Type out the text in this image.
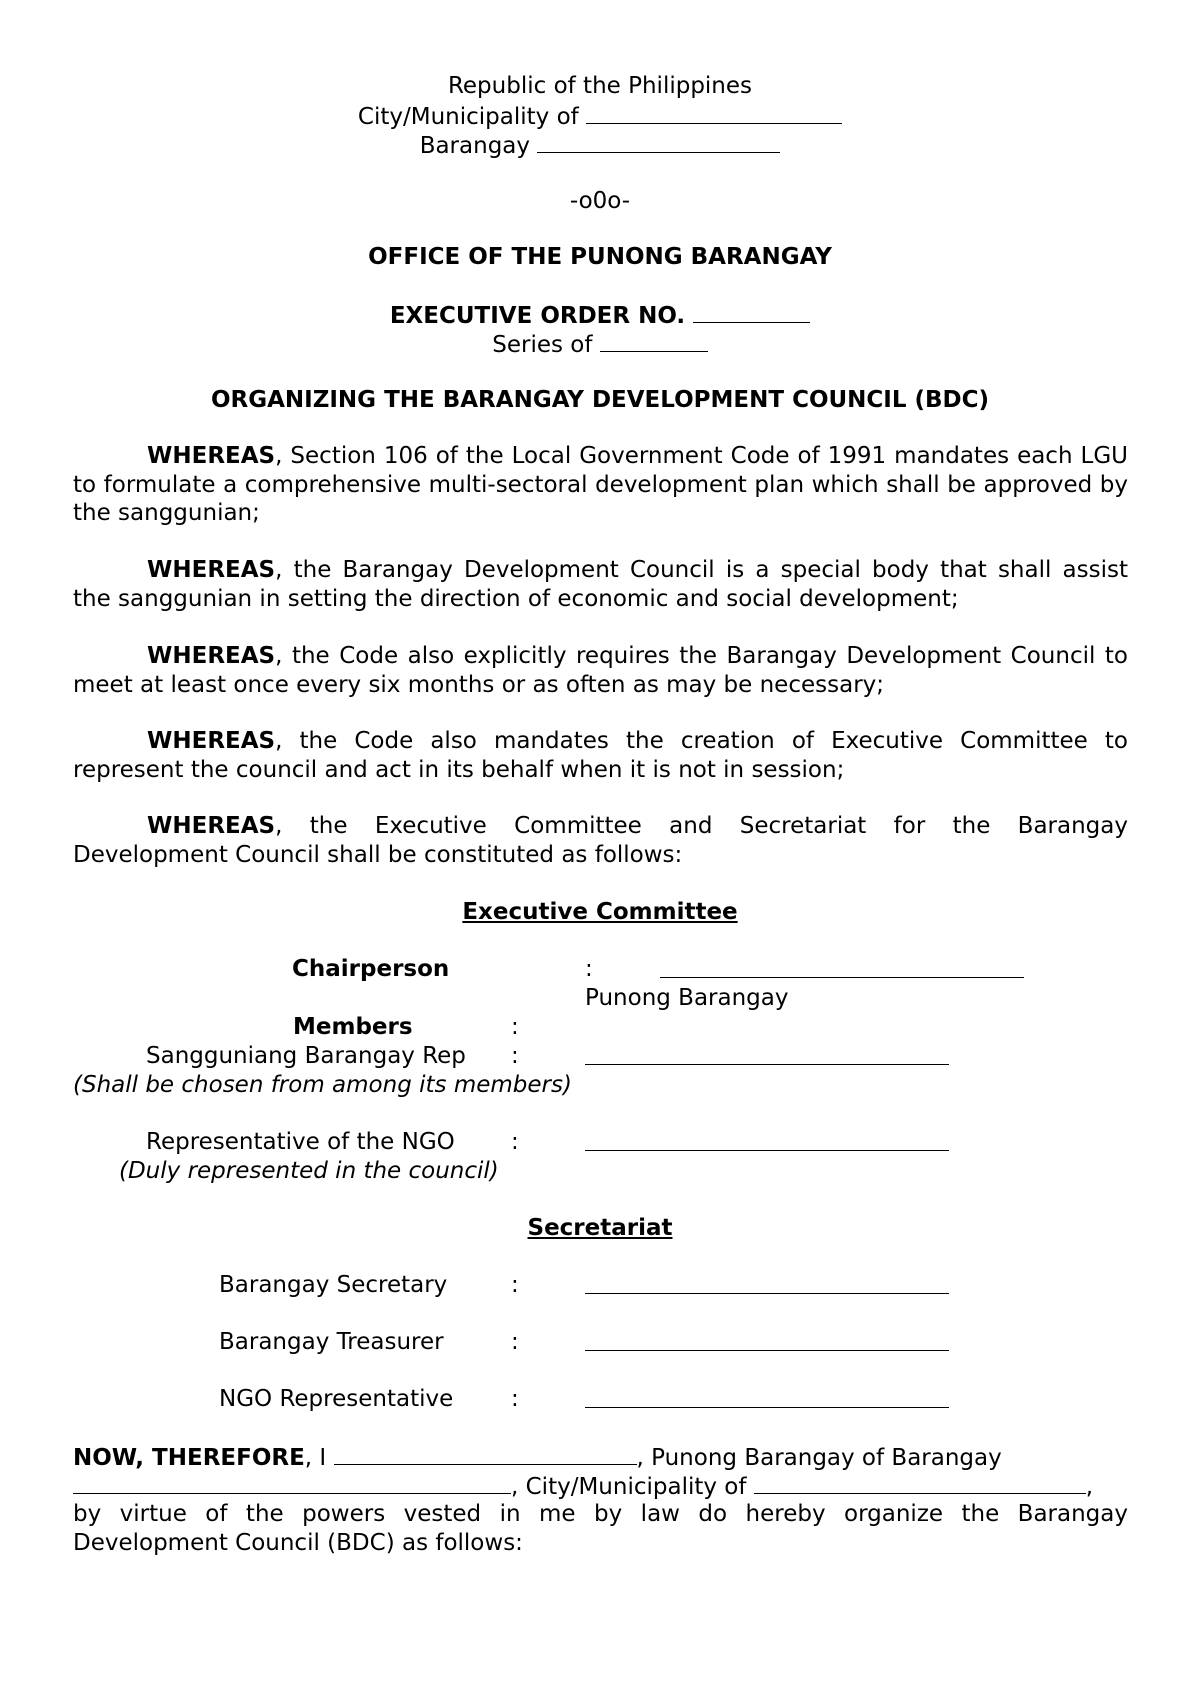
Republic of the Philippines
City/Municipality of
Barangay
-o0o-
OFFICE OF THE PUNONG BARANGAY
EXECUTIVE ORDER NO.
Series of
ORGANIZING THE BARANGAY DEVELOPMENT COUNCIL (BDC)
WHEREAS, Section 106 of the Local Government Code of 1991 mandates each LGU to formulate a comprehensive multi-sectoral development plan which shall be approved by the sanggunian;
WHEREAS, the Barangay Development Council is a special body that shall assist the sanggunian in setting the direction of economic and social development;
WHEREAS, the Code also explicitly requires the Barangay Development Council to meet at least once every six months or as often as may be necessary;
WHEREAS, the Code also mandates the creation of Executive Committee to represent the council and act in its behalf when it is not in session;
WHEREAS, the Executive Committee and Secretariat for the Barangay Development Council shall be constituted as follows:
Executive Committee
Chairperson	:
Punong Barangay
Members	:
Sangguniang Barangay Rep :
(Shall be chosen from among its members)
Representative of the NGO :
(Duly represented in the council)
Secretariat
Barangay Secretary	:
Barangay Treasurer	:
NGO Representative	:
NOW, THEREFORE, I	, Punong Barangay of Barangay
, City/Municipality of	,
by virtue of the powers vested in me by law do hereby organize the Barangay Development Council (BDC) as follows:
